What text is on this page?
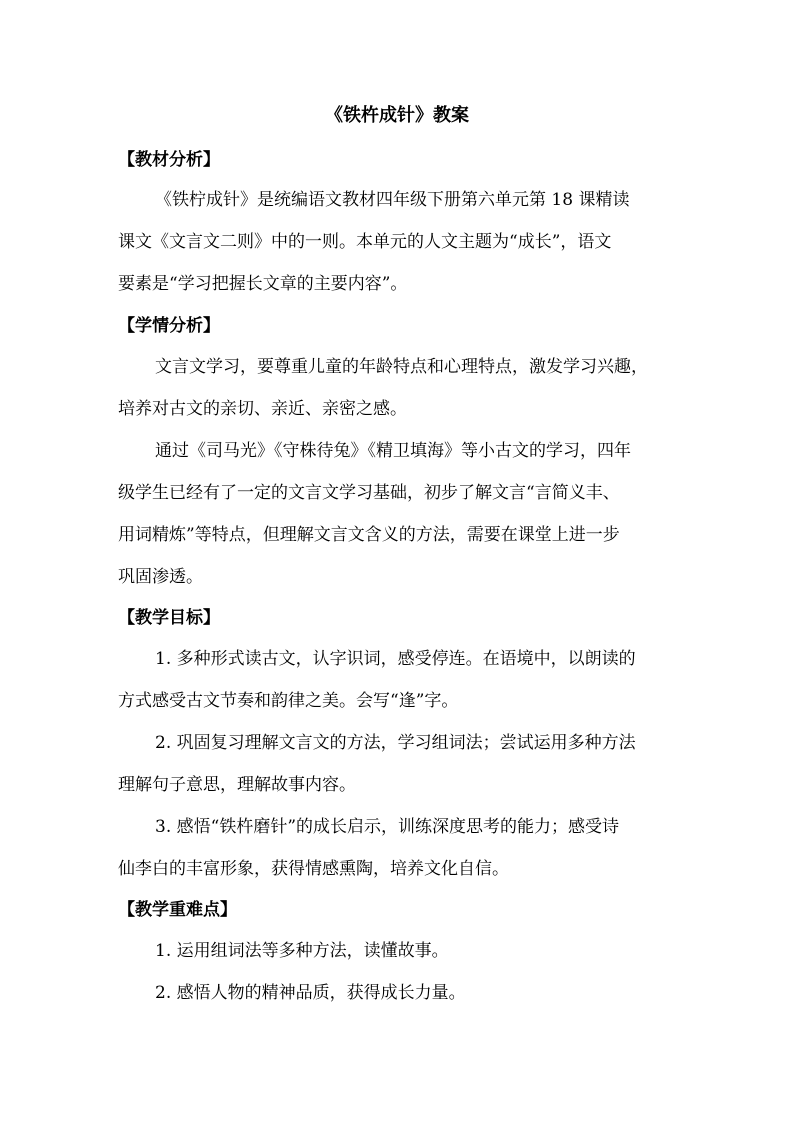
《铁杵成针》教案
【教材分析】
《铁柠成针》是统编语文教材四年级下册第六单元第 18 课精读
课文《文言文二则》中的一则。本单元的人文主题为“成长”，语文
要素是“学习把握长文章的主要内容”。
【学情分析】
文言文学习，要尊重儿童的年龄特点和心理特点，激发学习兴趣，
培养对古文的亲切、亲近、亲密之感。
通过《司马光》《守株待兔》《精卫填海》等小古文的学习，四年
级学生已经有了一定的文言文学习基础，初步了解文言“言简义丰、
用词精炼”等特点，但理解文言文含义的方法，需要在课堂上进一步
巩固渗透。
【教学目标】
1. 多种形式读古文，认字识词，感受停连。在语境中，以朗读的
方式感受古文节奏和韵律之美。会写“逢”字。
2. 巩固复习理解文言文的方法，学习组词法；尝试运用多种方法
理解句子意思，理解故事内容。
3. 感悟“铁杵磨针”的成长启示，训练深度思考的能力；感受诗
仙李白的丰富形象，获得情感熏陶，培养文化自信。
【教学重难点】
1. 运用组词法等多种方法，读懂故事。
2. 感悟人物的精神品质，获得成长力量。
